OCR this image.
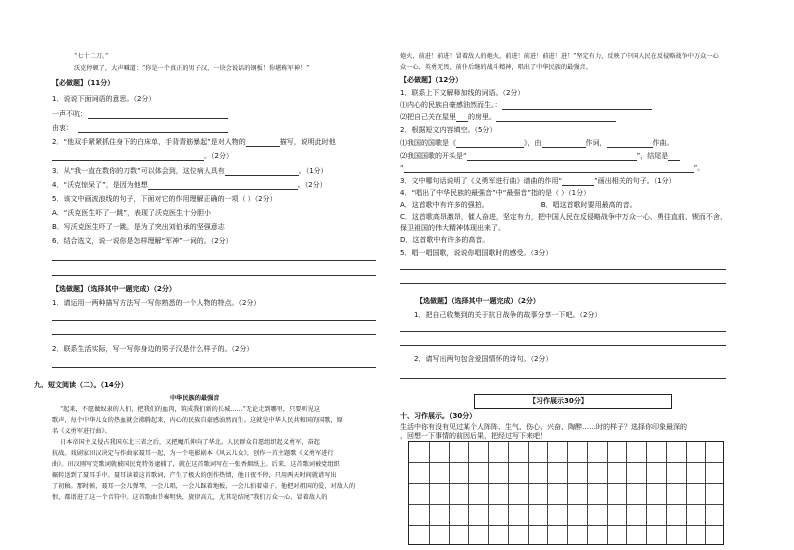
“七十二刀。”
沃克停顿了，大声喊道：“你是一个真正的男子汉，一块会说话的钢板！你堪称军神！”
【必做题】（11分）
1．说说下面词语的意思。（2分）
一声不吭：
由衷：
2．“他双手紧紧抓住身下的白床单，手背青筋暴起”是对人物的	描写，说明此时他
。（2分）
3．从“我一直在数你的刀数”可以体会到，这位病人具有	。（1分）
4．“沃克惊呆了”，是因为他想	。（2分）
5．该文中画波浪线的句子，下面对它的作用理解正确的一项（ ）（2分）
A．“沃克医生吓了一跳”，表现了沃克医生十分胆小
B．写沃克医生吓了一跳，是为了突出刘伯承的坚强意志
6．结合选文，说一说你是怎样理解“军神”一词的。（2分）
【选做题】（选择其中一题完成）（2分）
1．请运用一两种描写方法写一写你熟悉的一个人物的特点。（2分）
2．联系生活实际，写一写你身边的男子汉是什么样子的。（2分）
九、短文阅读（二）。（14分）
中华民族的最强音
“起来，不愿做奴隶的人们，把我们的血肉，筑成我们新的长城……”无论走到哪里，只要听见这
歌声，每个中华儿女的热血就会沸腾起来，内心的民族自豪感油然而生。这就是中华人民共和国的国歌，原
名《义勇军进行曲》。
日本帝国主义侵占我国东北三省之后，又把魔爪伸向了华北。人民群众自愿组织起义勇军，奋起
抗战。戏剧家田汉决定与作曲家聂耳一起，为一个电影剧本《风云儿女》，创作一首主题歌《义勇军进行
曲》。田汉刚写完歌词就被国民党特务逮捕了，就在这首歌词写在一张香烟纸上。后来，这首歌词被党组织
辗转送到了聂耳手中。聂耳读着这首歌词，产生了极大的创作热情，他日夜不停，只用两天时间就谱写出
了初稿。那时候，聂耳一会儿弹琴，一会儿唱，一会儿踩着地板，一会儿拍着桌子。他把对祖国的爱、对敌人的
恨，都谱进了这一个音符中。这首歌曲节奏明快，旋律高亢，尤其是结尾“我们万众一心，冒着敌人的
炮火，前进！前进！冒着敌人的炮火，前进！前进！前进！进！”坚定有力，反映了中国人民在反侵略战争中万众一心
众一心、英勇无畏、前仆后继的战斗精神，唱出了中华民族的最强音。
【必做题】（12分）
1．联系上下文解释加线的词语。（2分）
⑴内心的民族自豪感油然而生。：
⑵把自己关在屋里 的房里。
2．根据短文内容填空。（5分）
⑴我国的国歌是《	》，由	作词，	作曲。
⑵我国国歌的开头是“	”，结尾是
“	”。
3．文中哪句话说明了《义勇军进行曲》谱曲的作用“	”画出相关的句子。（1分）
4．“唱出了中华民族的最强音”中“最强音”指的是（ ）（1分）
A．这首歌中有许多的强拍。	B．唱这首歌时要用最高的音。
C．这首歌高昂激昂，催人奋进，坚定有力，把中国人民在反侵略战争中万众一心、勇往直前、锲而不舍、
保卫祖国的伟大精神体现出来了。
D．这首歌中有许多的高音。
5．唱一唱国歌，说说你唱国歌时的感受。（3分）
【选做题】（选择其中一题完成）（2分）
1．把自己收集到的关于抗日战争的故事分享一下吧。（2分）
2．请写出两句包含爱国情怀的诗句。（2分）
【习作展示30分】
十、习作展示。（30分）
生活中你有没有见过某个人阵阵、生气、伤心、兴奋、陶醉……时的样子？选择你印象最深的
，回想一下事情的前因后果，把经过写下来吧！
